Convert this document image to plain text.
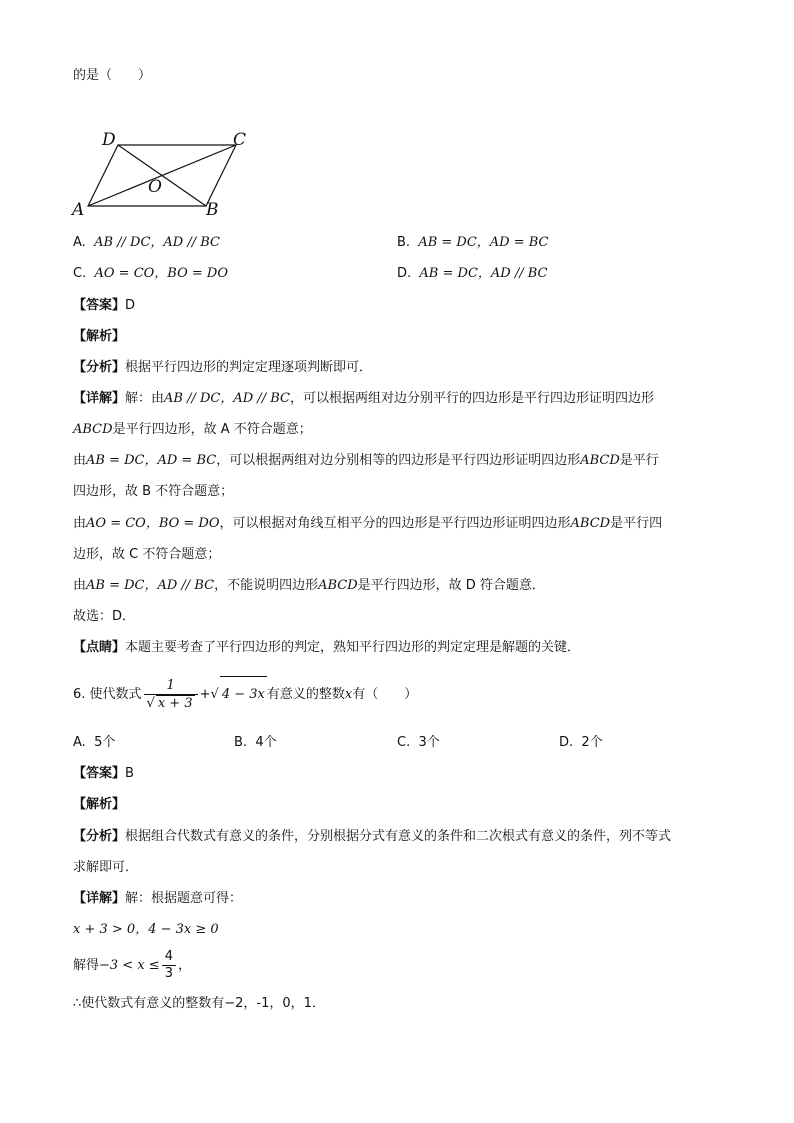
的是（　　）
D	C
O
A	B
A. AB // DC，AD // BC	B. AB = DC，AD = BC
C. AO = CO，BO = DO	D. AB = DC，AD // BC
【答案】D
【解析】
【分析】根据平行四边形的判定定理逐项判断即可．
【详解】解：由AB // DC，AD // BC，可以根据两组对边分别平行的四边形是平行四边形证明四边形
ABCD是平行四边形，故 A 不符合题意；
由AB = DC，AD = BC，可以根据两组对边分别相等的四边形是平行四边形证明四边形ABCD是平行
四边形，故 B 不符合题意；
由AO = CO，BO = DO，可以根据对角线互相平分的四边形是平行四边形证明四边形ABCD是平行四
边形，故 C 不符合题意；
由AB = DC，AD // BC，不能说明四边形ABCD是平行四边形，故 D 符合题意．
故选：D．
【点睛】本题主要考查了平行四边形的判定，熟知平行四边形的判定定理是解题的关键．
6. 使代数式 $\frac{1}{√ x + 3}$ +√ 4 − 3x 有意义的整数x有（　　）
A. 5个	B. 4个	C. 3个	D. 2个
【答案】B
【解析】
【分析】根据组合代数式有意义的条件，分别根据分式有意义的条件和二次根式有意义的条件，列不等式
求解即可．
【详解】解：根据题意可得：
x + 3 > 0，4 − 3x ≥ 0
解得$-3 < x \le \frac{4}{3}$ ，
∴使代数式有意义的整数有−2，-1，0，1．
